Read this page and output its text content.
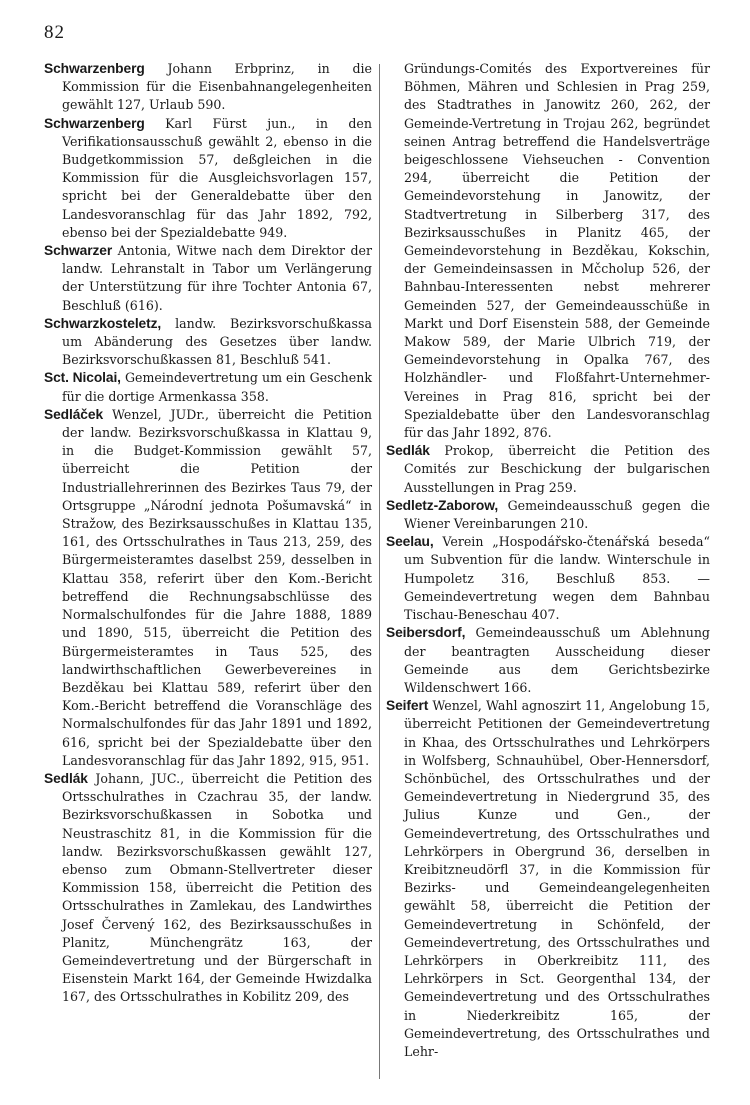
82

Schwarzenberg Johann Erbprinz, in die Kommission für die Eisenbahnangelegenheiten gewählt 127, Urlaub 590.

Schwarzenberg Karl Fürst jun., in den Verifikationsausschuß gewählt 2, ebenso in die Budgetkommission 57, deßgleichen in die Kommission für die Ausgleichsvorlagen 157, spricht bei der Generaldebatte über den Landesvoranschlag für das Jahr 1892, 792, ebenso bei der Spezialdebatte 949.

Schwarzer Antonia, Witwe nach dem Direktor der landw. Lehranstalt in Tabor um Verlängerung der Unterstützung für ihre Tochter Antonia 67, Beschluß (616).

Schwarzkosteletz, landw. Bezirksvorschußkassa um Abänderung des Gesetzes über landw. Bezirksvorschußkassen 81, Beschluß 541.

Sct. Nicolai, Gemeindevertretung um ein Geschenk für die dortige Armenkassa 358.

Sedláček Wenzel, JUDr., überreicht die Petition der landw. Bezirksvorschußkassa in Klattau 9, in die Budget-Kommission gewählt 57, überreicht die Petition der Industriallehrerinnen des Bezirkes Taus 79, der Ortsgruppe „Národní jednota Pošumavská“ in Stražow, des Bezirksausschußes in Klattau 135, 161, des Ortsschulrathes in Taus 213, 259, des Bürgermeisteramtes daselbst 259, desselben in Klattau 358, referirt über den Kom.-Bericht betreffend die Rechnungsabschlüsse des Normalschulfondes für die Jahre 1888, 1889 und 1890, 515, überreicht die Petition des Bürgermeisteramtes in Taus 525, des landwirthschaftlichen Gewerbevereines in Bezděkau bei Klattau 589, referirt über den Kom.-Bericht betreffend die Voranschläge des Normalschulfondes für das Jahr 1891 und 1892, 616, spricht bei der Spezialdebatte über den Landesvoranschlag für das Jahr 1892, 915, 951.

Sedlák Johann, JUC., überreicht die Petition des Ortsschulrathes in Czachrau 35, der landw. Bezirksvorschußkassen in Sobotka und Neustraschitz 81, in die Kommission für die landw. Bezirksvorschußkassen gewählt 127, ebenso zum Obmann-Stellvertreter dieser Kommission 158, überreicht die Petition des Ortsschulrathes in Zamlekau, des Landwirthes Josef Červený 162, des Bezirksausschußes in Planitz, Münchengrätz 163, der Gemeindevertretung und der Bürgerschaft in Eisenstein Markt 164, der Gemeinde Hwizdalka 167, des Ortsschulrathes in Kobilitz 209, des

Gründungs-Comités des Exportvereines für Böhmen, Mähren und Schlesien in Prag 259, des Stadtrathes in Janowitz 260, 262, der Gemeinde-Vertretung in Trojau 262, begründet seinen Antrag betreffend die Handelsverträge beigeschlossene Viehseuchen - Convention 294, überreicht die Petition der Gemeindevorstehung in Janowitz, der Stadtvertretung in Silberberg 317, des Bezirksausschußes in Planitz 465, der Gemeindevorstehung in Bezděkau, Kokschin, der Gemeindeinsassen in Mčcholup 526, der Bahnbau-Interessenten nebst mehrerer Gemeinden 527, der Gemeindeausschüße in Markt und Dorf Eisenstein 588, der Gemeinde Makow 589, der Marie Ulbrich 719, der Gemeindevorstehung in Opalka 767, des Holzhändler- und Floßfahrt-Unternehmer-Vereines in Prag 816, spricht bei der Spezialdebatte über den Landesvoranschlag für das Jahr 1892, 876.

Sedlák Prokop, überreicht die Petition des Comités zur Beschickung der bulgarischen Ausstellungen in Prag 259.

Sedletz-Zaborow, Gemeindeausschuß gegen die Wiener Vereinbarungen 210.

Seelau, Verein „Hospodářsko-čtenářská beseda“ um Subvention für die landw. Winterschule in Humpoletz 316, Beschluß 853. — Gemeindevertretung wegen dem Bahnbau Tischau-Beneschau 407.

Seibersdorf, Gemeindeausschuß um Ablehnung der beantragten Ausscheidung dieser Gemeinde aus dem Gerichtsbezirke Wildenschwert 166.

Seifert Wenzel, Wahl agnoszirt 11, Angelobung 15, überreicht Petitionen der Gemeindevertretung in Khaa, des Ortsschulrathes und Lehrkörpers in Wolfsberg, Schnauhübel, Ober-Hennersdorf, Schönbüchel, des Ortsschulrathes und der Gemeindevertretung in Niedergrund 35, des Julius Kunze und Gen., der Gemeindevertretung, des Ortsschulrathes und Lehrkörpers in Obergrund 36, derselben in Kreibitzneudörfl 37, in die Kommission für Bezirks- und Gemeindeangelegenheiten gewählt 58, überreicht die Petition der Gemeindevertretung in Schönfeld, der Gemeindevertretung, des Ortsschulrathes und Lehrkörpers in Oberkreibitz 111, des Lehrkörpers in Sct. Georgenthal 134, der Gemeindevertretung und des Ortsschulrathes in Niederkreibitz 165, der Gemeindevertretung, des Ortsschulrathes und Lehr-
